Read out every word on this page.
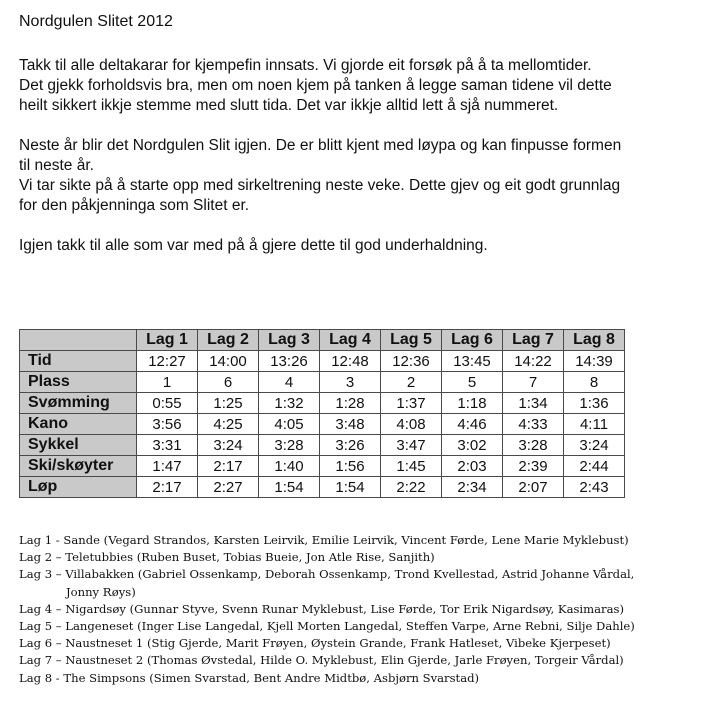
Nordgulen Slitet 2012
Takk til alle deltakarar for kjempefin innsats. Vi gjorde eit forsøk på å ta mellomtider.
Det gjekk forholdsvis bra, men om noen kjem på tanken å legge saman tidene vil dette
heilt sikkert ikkje stemme med slutt tida. Det var ikkje alltid lett å sjå nummeret.
Neste år blir det Nordgulen Slit igjen. De er blitt kjent med løypa og kan finpusse formen
til neste år.
Vi tar sikte på å starte opp med sirkeltrening neste veke. Dette gjev og eit godt grunnlag
for den påkjenninga som Slitet er.
Igjen takk til alle som var med på å gjere dette til god underhaldning.
	Lag 1	Lag 2	Lag 3	Lag 4	Lag 5	Lag 6	Lag 7	Lag 8
Tid	12:27	14:00	13:26	12:48	12:36	13:45	14:22	14:39
Plass	1	6	4	3	2	5	7	8
Svømming	0:55	1:25	1:32	1:28	1:37	1:18	1:34	1:36
Kano	3:56	4:25	4:05	3:48	4:08	4:46	4:33	4:11
Sykkel	3:31	3:24	3:28	3:26	3:47	3:02	3:28	3:24
Ski/skøyter	1:47	2:17	1:40	1:56	1:45	2:03	2:39	2:44
Løp	2:17	2:27	1:54	1:54	2:22	2:34	2:07	2:43
Lag 1 - Sande (Vegard Strandos, Karsten Leirvik, Emilie Leirvik, Vincent Førde, Lene Marie Myklebust)
Lag 2 – Teletubbies (Ruben Buset, Tobias Bueie, Jon Atle Rise, Sanjith)
Lag 3 – Villabakken (Gabriel Ossenkamp, Deborah Ossenkamp, Trond Kvellestad, Astrid Johanne Vårdal,
Jonny Røys)
Lag 4 – Nigardsøy (Gunnar Styve, Svenn Runar Myklebust, Lise Førde, Tor Erik Nigardsøy, Kasimaras)
Lag 5 – Langeneset (Inger Lise Langedal, Kjell Morten Langedal, Steffen Varpe, Arne Rebni, Silje Dahle)
Lag 6 – Naustneset 1 (Stig Gjerde, Marit Frøyen, Øystein Grande, Frank Hatleset, Vibeke Kjerpeset)
Lag 7 – Naustneset 2 (Thomas Øvstedal, Hilde O. Myklebust, Elin Gjerde, Jarle Frøyen, Torgeir Vårdal)
Lag 8 - The Simpsons (Simen Svarstad, Bent Andre Midtbø, Asbjørn Svarstad)
